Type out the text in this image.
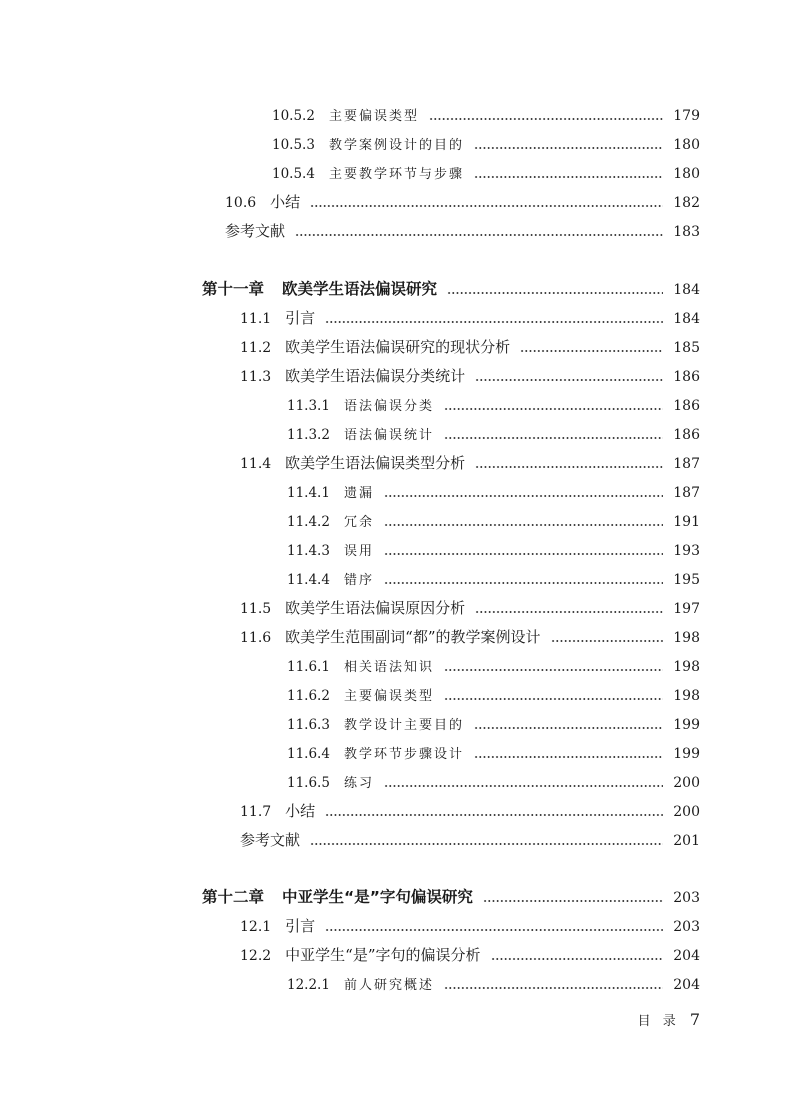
10.5.2 主要偏误类型	179
10.5.3 教学案例设计的目的	180
10.5.4 主要教学环节与步骤	180
10.6 小结	182
参考文献	183
第十一章 欧美学生语法偏误研究	184
11.1 引言	184
11.2 欧美学生语法偏误研究的现状分析	185
11.3 欧美学生语法偏误分类统计	186
11.3.1 语法偏误分类	186
11.3.2 语法偏误统计	186
11.4 欧美学生语法偏误类型分析	187
11.4.1 遗漏	187
11.4.2 冗余	191
11.4.3 误用	193
11.4.4 错序	195
11.5 欧美学生语法偏误原因分析	197
11.6 欧美学生范围副词“都”的教学案例设计	198
11.6.1 相关语法知识	198
11.6.2 主要偏误类型	198
11.6.3 教学设计主要目的	199
11.6.4 教学环节步骤设计	199
11.6.5 练习	200
11.7 小结	200
参考文献	201
第十二章 中亚学生“是”字句偏误研究	203
12.1 引言	203
12.2 中亚学生“是”字句的偏误分析	204
12.2.1 前人研究概述	204
目 录 7
